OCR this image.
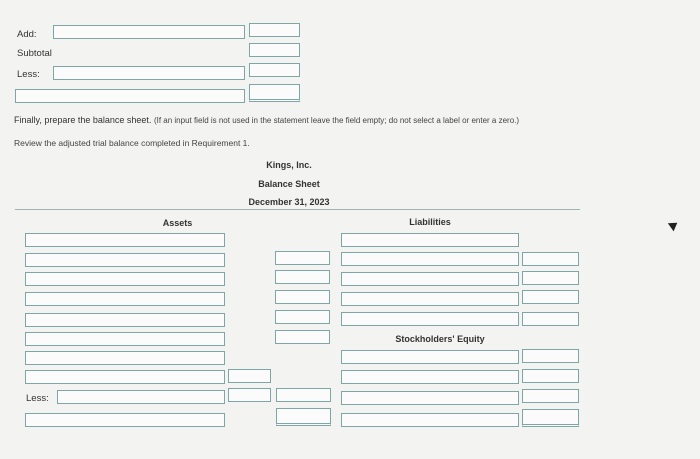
Add:
Subtotal
Less:
Finally, prepare the balance sheet. (If an input field is not used in the statement leave the field empty; do not select a label or enter a zero.)
Review the adjusted trial balance completed in Requirement 1.
Kings, Inc.
Balance Sheet
December 31, 2023
Assets	Liabilities
Less:
Stockholders' Equity
